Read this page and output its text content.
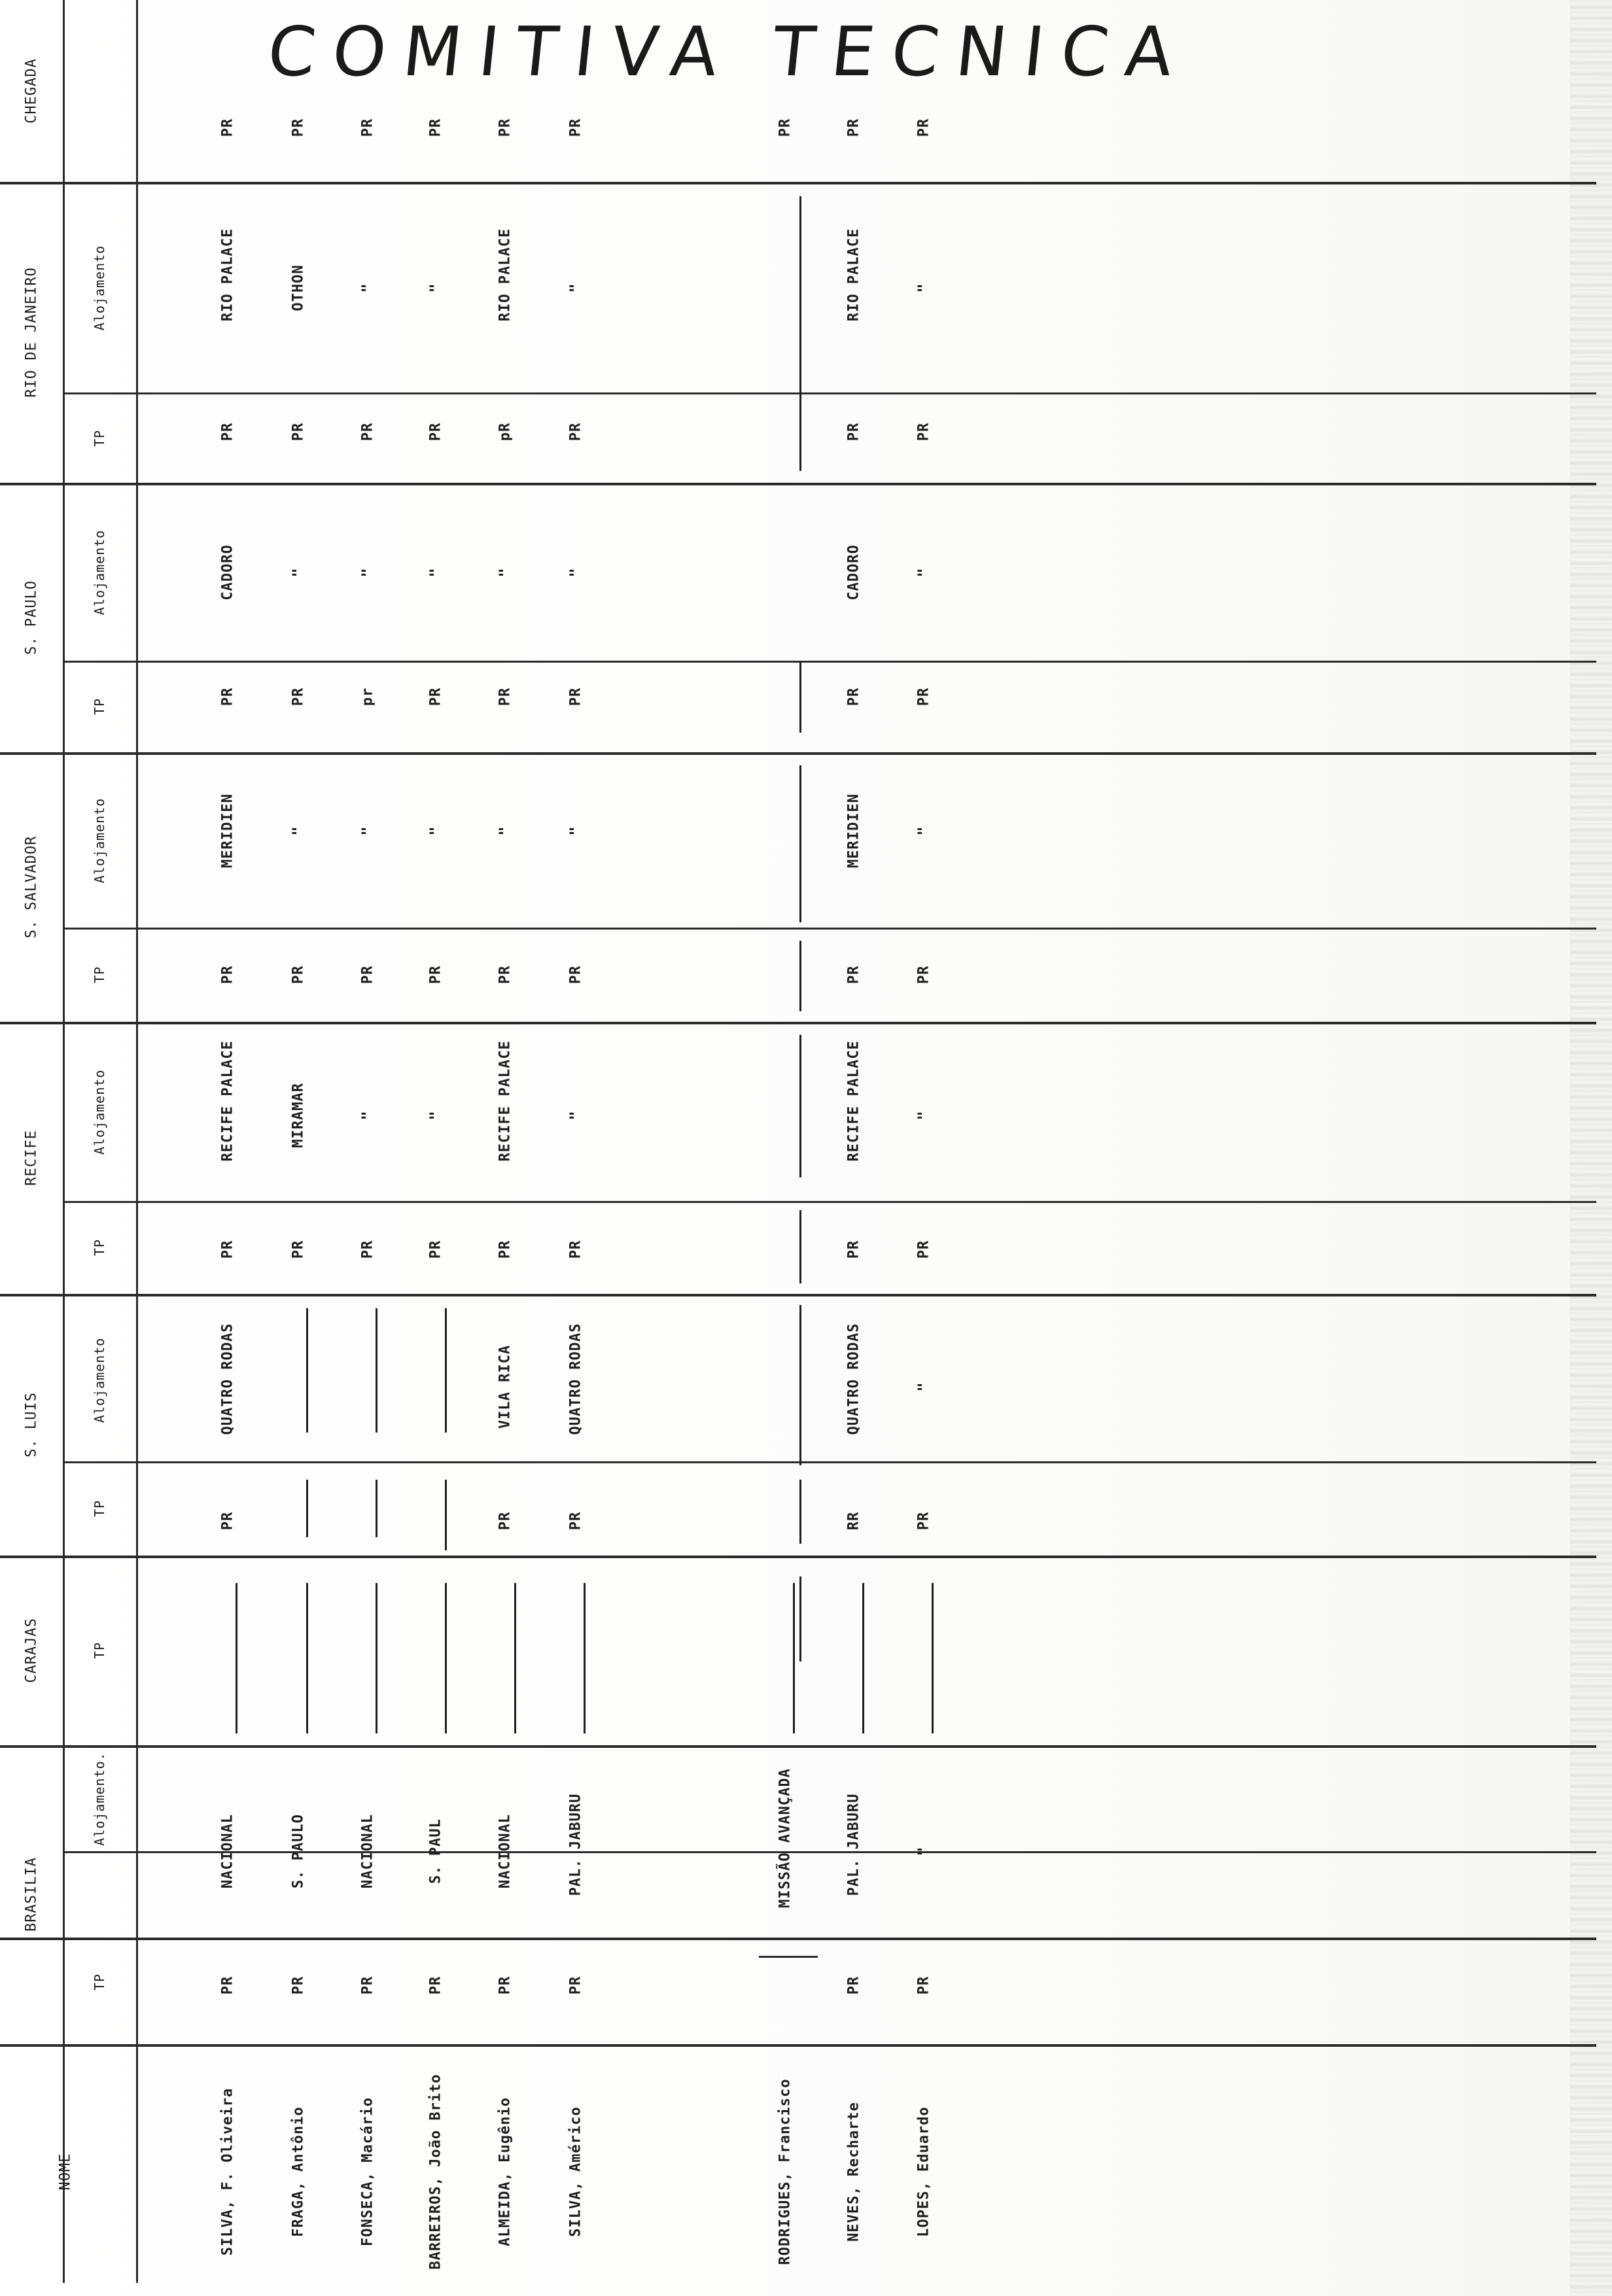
COMITIVA TECNICA
CHEGADA
RIO DE JANEIRO
S. PAULO
S. SALVADOR
RECIFE
S. LUIS
CARAJAS
BRASILIA
NOME
Alojamento
TP
Alojamento
TP
Alojamento
TP
Alojamento
TP
Alojamento
TP
TP
Alojamento.
TP
PR
RIO PALACE
PR
CADORO
PR
MERIDIEN
PR
RECIFE PALACE
PR
QUATRO RODAS
PR
NACIONAL
PR
SILVA, F. Oliveira
PR
OTHON
PR
"
PR
"
PR
MIRAMAR
PR
S. PAULO
PR
FRAGA, Antônio
PR
"
PR
"
pr
"
PR
"
PR
NACIONAL
PR
FONSECA, Macário
PR
"
PR
"
PR
"
PR
"
PR
S. PAUL
PR
BARREIROS, João Brito
PR
RIO PALACE
pR
"
PR
"
PR
RECIFE PALACE
PR
VILA RICA
PR
NACIONAL
PR
ALMEIDA, Eugênio
PR
"
PR
"
PR
"
PR
"
PR
QUATRO RODAS
PR
PAL. JABURU
PR
SILVA, Américo
PR
MISSÃO AVANÇADA
RODRIGUES, Francisco
PR
RIO PALACE
PR
CADORO
PR
MERIDIEN
PR
RECIFE PALACE
PR
QUATRO RODAS
RR
PAL. JABURU
PR
NEVES, Recharte
PR
"
PR
"
PR
"
PR
"
PR
"
PR
"
PR
LOPES, Eduardo
